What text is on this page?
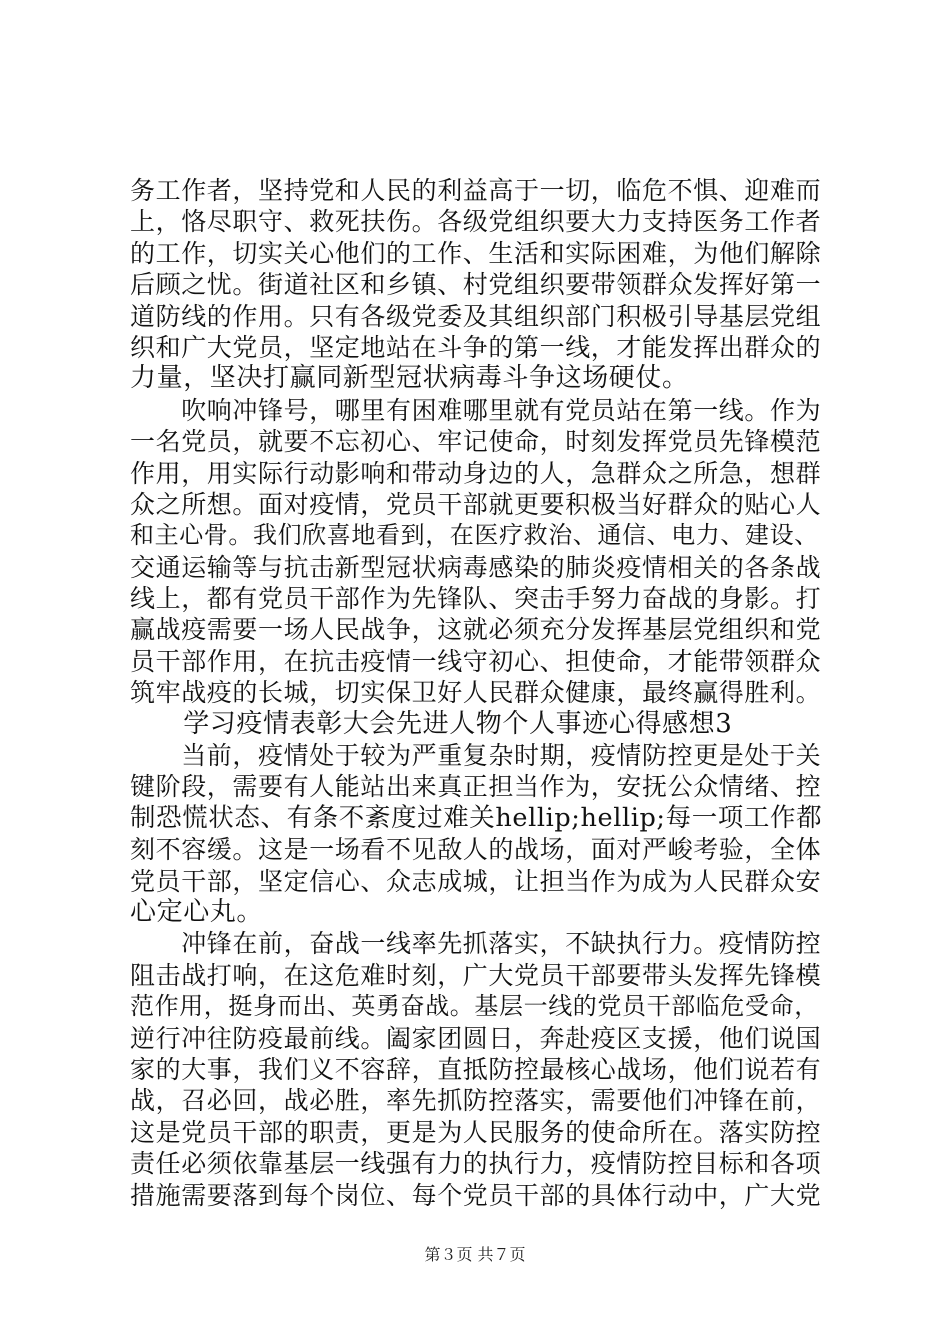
务工作者，坚持党和人民的利益高于一切，临危不惧、迎难而
上，恪尽职守、救死扶伤。各级党组织要大力支持医务工作者
的工作，切实关心他们的工作、生活和实际困难，为他们解除
后顾之忧。街道社区和乡镇、村党组织要带领群众发挥好第一
道防线的作用。只有各级党委及其组织部门积极引导基层党组
织和广大党员，坚定地站在斗争的第一线，才能发挥出群众的
力量，坚决打赢同新型冠状病毒斗争这场硬仗。
　　吹响冲锋号，哪里有困难哪里就有党员站在第一线。作为
一名党员，就要不忘初心、牢记使命，时刻发挥党员先锋模范
作用，用实际行动影响和带动身边的人，急群众之所急，想群
众之所想。面对疫情，党员干部就更要积极当好群众的贴心人
和主心骨。我们欣喜地看到，在医疗救治、通信、电力、建设、
交通运输等与抗击新型冠状病毒感染的肺炎疫情相关的各条战
线上，都有党员干部作为先锋队、突击手努力奋战的身影。打
赢战疫需要一场人民战争，这就必须充分发挥基层党组织和党
员干部作用，在抗击疫情一线守初心、担使命，才能带领群众
筑牢战疫的长城，切实保卫好人民群众健康，最终赢得胜利。
　　学习疫情表彰大会先进人物个人事迹心得感想3
　　当前，疫情处于较为严重复杂时期，疫情防控更是处于关
键阶段，需要有人能站出来真正担当作为，安抚公众情绪、控
制恐慌状态、有条不紊度过难关hellip;hellip;每一项工作都
刻不容缓。这是一场看不见敌人的战场，面对严峻考验，全体
党员干部，坚定信心、众志成城，让担当作为成为人民群众安
心定心丸。
　　冲锋在前，奋战一线率先抓落实，不缺执行力。疫情防控
阻击战打响，在这危难时刻，广大党员干部要带头发挥先锋模
范作用，挺身而出、英勇奋战。基层一线的党员干部临危受命，
逆行冲往防疫最前线。阖家团圆日，奔赴疫区支援，他们说国
家的大事，我们义不容辞，直抵防控最核心战场，他们说若有
战，召必回，战必胜，率先抓防控落实，需要他们冲锋在前，
这是党员干部的职责，更是为人民服务的使命所在。落实防控
责任必须依靠基层一线强有力的执行力，疫情防控目标和各项
措施需要落到每个岗位、每个党员干部的具体行动中，广大党
第３页 共７页
